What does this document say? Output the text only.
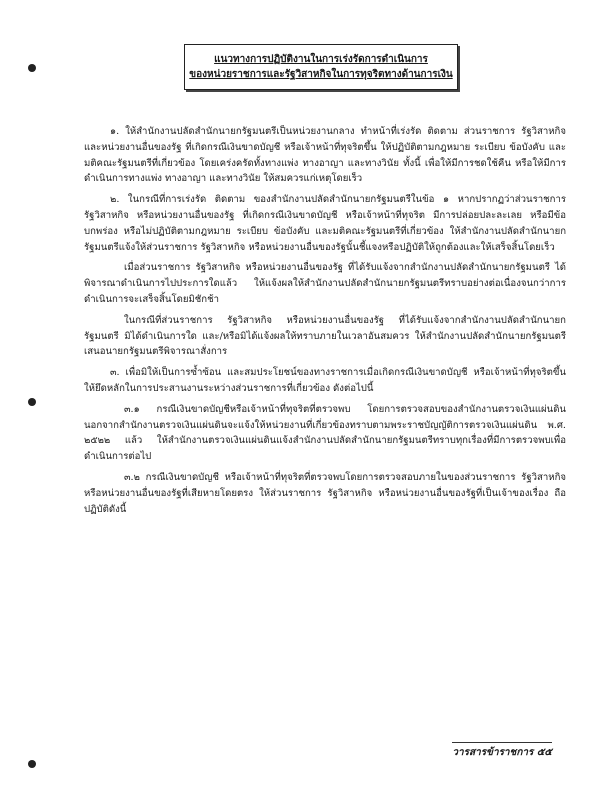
แนวทางการปฏิบัติงานในการเร่งรัดการดำเนินการ
ของหน่วยราชการและรัฐวิสาหกิจในการทุจริตทางด้านการเงิน

๑. ให้สำนักงานปลัดสำนักนายกรัฐมนตรีเป็นหน่วยงานกลาง ทำหน้าที่เร่งรัด ติดตาม ส่วนราชการ รัฐวิสาหกิจ และหน่วยงานอื่นของรัฐ ที่เกิดกรณีเงินขาดบัญชี หรือเจ้าหน้าที่ทุจริตขึ้น ให้ปฏิบัติตามกฎหมาย ระเบียบ ข้อบังคับ และมติคณะรัฐมนตรีที่เกี่ยวข้อง โดยเคร่งครัดทั้งทางแพ่ง ทางอาญา และทางวินัย ทั้งนี้ เพื่อให้มีการชดใช้คืน หรือให้มีการดำเนินการทางแพ่ง ทางอาญา และทางวินัย ให้สมควรแก่เหตุโดยเร็ว

๒. ในกรณีที่การเร่งรัด ติดตาม ของสำนักงานปลัดสำนักนายกรัฐมนตรีในข้อ ๑ หากปรากฏว่าส่วนราชการ รัฐวิสาหกิจ หรือหน่วยงานอื่นของรัฐ ที่เกิดกรณีเงินขาดบัญชี หรือเจ้าหน้าที่ทุจริต มีการปล่อยปละละเลย หรือมีข้อบกพร่อง หรือไม่ปฏิบัติตามกฎหมาย ระเบียบ ข้อบังคับ และมติคณะรัฐมนตรีที่เกี่ยวข้อง ให้สำนักงานปลัดสำนักนายกรัฐมนตรีแจ้งให้ส่วนราชการ รัฐวิสาหกิจ หรือหน่วยงานอื่นของรัฐนั้นชี้แจงหรือปฏิบัติให้ถูกต้องและให้เสร็จสิ้นโดยเร็ว

เมื่อส่วนราชการ รัฐวิสาหกิจ หรือหน่วยงานอื่นของรัฐ ที่ได้รับแจ้งจากสำนักงานปลัดสำนักนายกรัฐมนตรี ได้พิจารณาดำเนินการไปประการใดแล้ว ให้แจ้งผลให้สำนักงานปลัดสำนักนายกรัฐมนตรีทราบอย่างต่อเนื่องจนกว่าการดำเนินการจะเสร็จสิ้นโดยมิชักช้า

ในกรณีที่ส่วนราชการ รัฐวิสาหกิจ หรือหน่วยงานอื่นของรัฐ ที่ได้รับแจ้งจากสำนักงานปลัดสำนักนายกรัฐมนตรี มิได้ดำเนินการใด และ/หรือมิได้แจ้งผลให้ทราบภายในเวลาอันสมควร ให้สำนักงานปลัดสำนักนายกรัฐมนตรีเสนอนายกรัฐมนตรีพิจารณาสั่งการ

๓. เพื่อมิให้เป็นการซ้ำซ้อน และสมประโยชน์ของทางราชการเมื่อเกิดกรณีเงินขาดบัญชี หรือเจ้าหน้าที่ทุจริตขึ้น ให้ยึดหลักในการประสานงานระหว่างส่วนราชการที่เกี่ยวข้อง ดังต่อไปนี้

๓.๑ กรณีเงินขาดบัญชีหรือเจ้าหน้าที่ทุจริตที่ตรวจพบ โดยการตรวจสอบของสำนักงานตรวจเงินแผ่นดิน นอกจากสำนักงานตรวจเงินแผ่นดินจะแจ้งให้หน่วยงานที่เกี่ยวข้องทราบตามพระราชบัญญัติการตรวจเงินแผ่นดิน พ.ศ. ๒๕๒๒ แล้ว ให้สำนักงานตรวจเงินแผ่นดินแจ้งสำนักงานปลัดสำนักนายกรัฐมนตรีทราบทุกเรื่องที่มีการตรวจพบเพื่อดำเนินการต่อไป

๓.๒ กรณีเงินขาดบัญชี หรือเจ้าหน้าที่ทุจริตที่ตรวจพบโดยการตรวจสอบภายในของส่วนราชการ รัฐวิสาหกิจ หรือหน่วยงานอื่นของรัฐที่เสียหายโดยตรง ให้ส่วนราชการ รัฐวิสาหกิจ หรือหน่วยงานอื่นของรัฐที่เป็นเจ้าของเรื่อง ถือปฏิบัติดังนี้

วารสารข้าราชการ ๕๕
